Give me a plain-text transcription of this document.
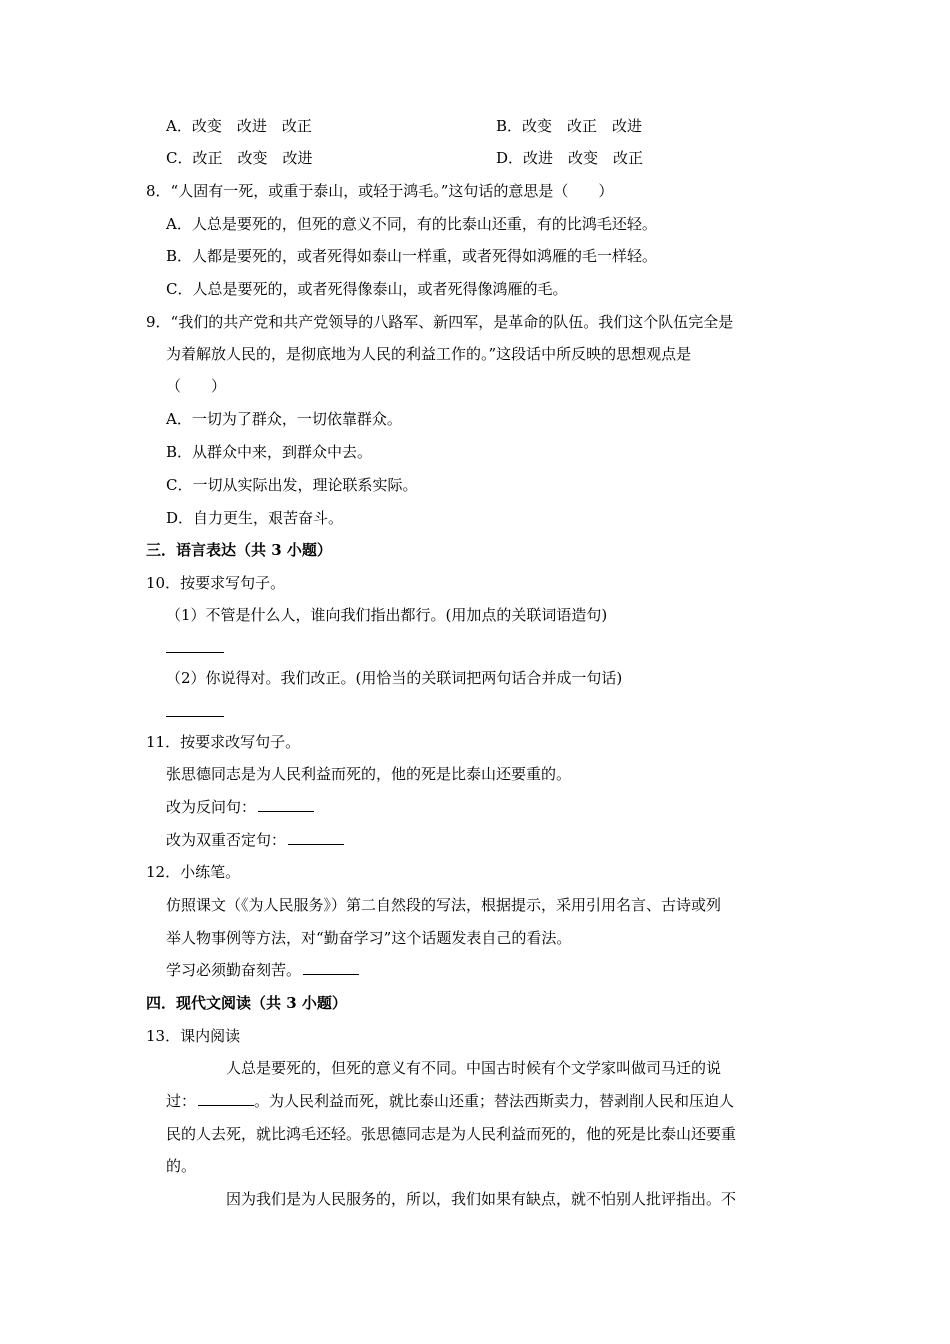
A．改变　改进　改正	B．改变　改正　改进
C．改正　改变　改进	D．改进　改变　改正
8．“人固有一死，或重于泰山，或轻于鸿毛。”这句话的意思是（　　）
A．人总是要死的，但死的意义不同，有的比泰山还重，有的比鸿毛还轻。
B．人都是要死的，或者死得如泰山一样重，或者死得如鸿雁的毛一样轻。
C．人总是要死的，或者死得像泰山，或者死得像鸿雁的毛。
9．“我们的共产党和共产党领导的八路军、新四军，是革命的队伍。我们这个队伍完全是
为着解放人民的，是彻底地为人民的利益工作的。”这段话中所反映的思想观点是
（　　）
A．一切为了群众，一切依靠群众。
B．从群众中来，到群众中去。
C．一切从实际出发，理论联系实际。
D．自力更生，艰苦奋斗。
三．语言表达（共 3 小题）
10．按要求写句子。
（1）不管是什么人，谁向我们指出都行。(用加点的关联词语造句)
（2）你说得对。我们改正。(用恰当的关联词把两句话合并成一句话)
11．按要求改写句子。
张思德同志是为人民利益而死的，他的死是比泰山还要重的。
改为反问句：
改为双重否定句：
12．小练笔。
仿照课文（《为人民服务》）第二自然段的写法，根据提示，采用引用名言、古诗或列
举人物事例等方法，对“勤奋学习”这个话题发表自己的看法。
学习必须勤奋刻苦。
四．现代文阅读（共 3 小题）
13．课内阅读
人总是要死的，但死的意义有不同。中国古时候有个文学家叫做司马迁的说
过：	。为人民利益而死，就比泰山还重；替法西斯卖力，替剥削人民和压迫人
民的人去死，就比鸿毛还轻。张思德同志是为人民利益而死的，他的死是比泰山还要重
的。
因为我们是为人民服务的，所以，我们如果有缺点，就不怕别人批评指出。不
